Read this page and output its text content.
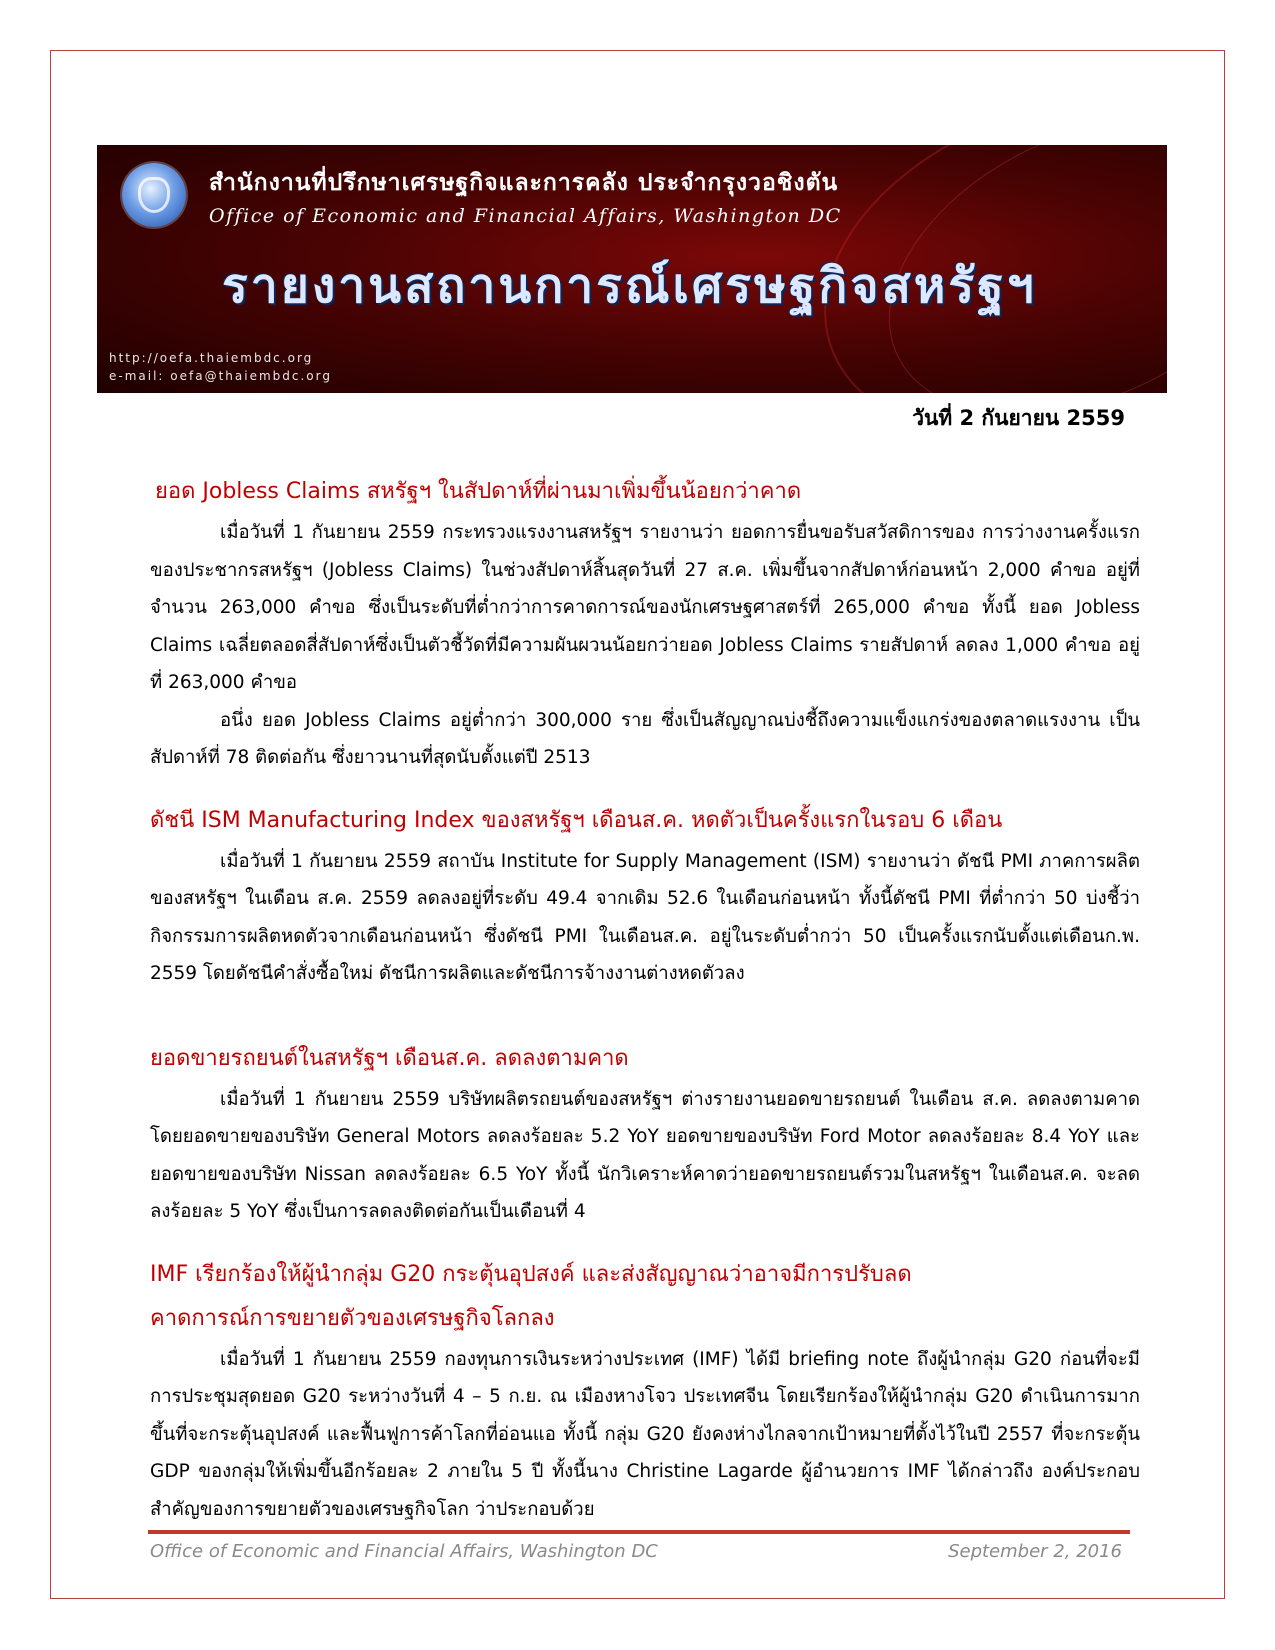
สำนักงานที่ปรึกษาเศรษฐกิจและการคลัง ประจำกรุงวอชิงตัน
Office of Economic and Financial Affairs, Washington DC
รายงานสถานการณ์เศรษฐกิจสหรัฐฯ
http://oefa.thaiembdc.org
e-mail: oefa@thaiembdc.org
วันที่ 2 กันยายน 2559
ยอด Jobless Claims สหรัฐฯ ในสัปดาห์ที่ผ่านมาเพิ่มขึ้นน้อยกว่าคาด

เมื่อวันที่ 1 กันยายน 2559 กระทรวงแรงงานสหรัฐฯ รายงานว่า ยอดการยื่นขอรับสวัสดิการของ การว่างงานครั้งแรกของประชากรสหรัฐฯ (Jobless Claims) ในช่วงสัปดาห์สิ้นสุดวันที่ 27 ส.ค. เพิ่มขึ้นจากสัปดาห์ก่อนหน้า 2,000 คำขอ อยู่ที่จำนวน 263,000 คำขอ ซึ่งเป็นระดับที่ต่ำกว่าการคาดการณ์ของนักเศรษฐศาสตร์ที่ 265,000 คำขอ ทั้งนี้ ยอด Jobless Claims เฉลี่ยตลอดสี่สัปดาห์ซึ่งเป็นตัวชี้วัดที่มีความผันผวนน้อยกว่ายอด Jobless Claims รายสัปดาห์ ลดลง 1,000 คำขอ อยู่ที่ 263,000 คำขอ

อนึ่ง ยอด Jobless Claims อยู่ต่ำกว่า 300,000 ราย ซึ่งเป็นสัญญาณบ่งชี้ถึงความแข็งแกร่งของตลาดแรงงาน เป็นสัปดาห์ที่ 78 ติดต่อกัน ซึ่งยาวนานที่สุดนับตั้งแต่ปี 2513

ดัชนี ISM Manufacturing Index ของสหรัฐฯ เดือนส.ค. หดตัวเป็นครั้งแรกในรอบ 6 เดือน

เมื่อวันที่ 1 กันยายน 2559 สถาบัน Institute for Supply Management (ISM) รายงานว่า ดัชนี PMI ภาคการผลิตของสหรัฐฯ ในเดือน ส.ค. 2559 ลดลงอยู่ที่ระดับ 49.4 จากเดิม 52.6 ในเดือนก่อนหน้า ทั้งนี้ดัชนี PMI ที่ต่ำกว่า 50 บ่งชี้ว่ากิจกรรมการผลิตหดตัวจากเดือนก่อนหน้า ซึ่งดัชนี PMI ในเดือนส.ค. อยู่ในระดับต่ำกว่า 50 เป็นครั้งแรกนับตั้งแต่เดือนก.พ. 2559 โดยดัชนีคำสั่งซื้อใหม่ ดัชนีการผลิตและดัชนีการจ้างงานต่างหดตัวลง

ยอดขายรถยนต์ในสหรัฐฯ เดือนส.ค. ลดลงตามคาด

เมื่อวันที่ 1 กันยายน 2559 บริษัทผลิตรถยนต์ของสหรัฐฯ ต่างรายงานยอดขายรถยนต์ ในเดือน ส.ค. ลดลงตามคาด โดยยอดขายของบริษัท General Motors ลดลงร้อยละ 5.2 YoY ยอดขายของบริษัท Ford Motor ลดลงร้อยละ 8.4 YoY และยอดขายของบริษัท Nissan ลดลงร้อยละ 6.5 YoY ทั้งนี้ นักวิเคราะห์คาดว่ายอดขายรถยนต์รวมในสหรัฐฯ ในเดือนส.ค. จะลดลงร้อยละ 5 YoY ซึ่งเป็นการลดลงติดต่อกันเป็นเดือนที่ 4

IMF เรียกร้องให้ผู้นำกลุ่ม G20 กระตุ้นอุปสงค์ และส่งสัญญาณว่าอาจมีการปรับลด
คาดการณ์การขยายตัวของเศรษฐกิจโลกลง

เมื่อวันที่ 1 กันยายน 2559 กองทุนการเงินระหว่างประเทศ (IMF) ได้มี briefing note ถึงผู้นำกลุ่ม G20 ก่อนที่จะมีการประชุมสุดยอด G20 ระหว่างวันที่ 4 – 5 ก.ย. ณ เมืองหางโจว ประเทศจีน โดยเรียกร้องให้ผู้นำกลุ่ม G20 ดำเนินการมากขึ้นที่จะกระตุ้นอุปสงค์ และฟื้นฟูการค้าโลกที่อ่อนแอ ทั้งนี้ กลุ่ม G20 ยังคงห่างไกลจากเป้าหมายที่ตั้งไว้ในปี 2557 ที่จะกระตุ้น GDP ของกลุ่มให้เพิ่มขึ้นอีกร้อยละ 2 ภายใน 5 ปี ทั้งนี้นาง Christine Lagarde ผู้อำนวยการ IMF ได้กล่าวถึง องค์ประกอบสำคัญของการขยายตัวของเศรษฐกิจโลก ว่าประกอบด้วย

Office of Economic and Financial Affairs, Washington DC	September 2, 2016
